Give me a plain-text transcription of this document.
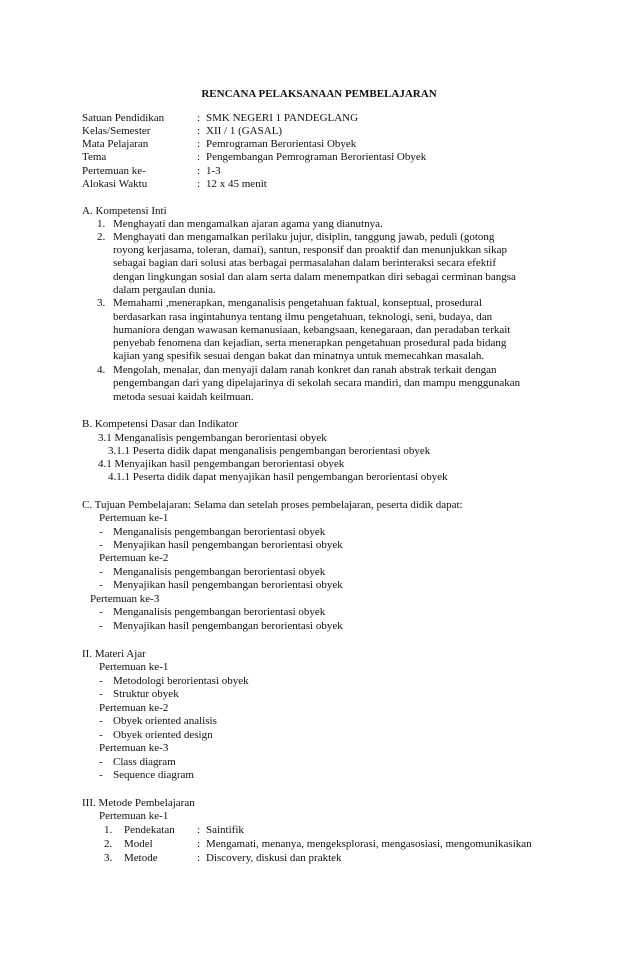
RENCANA PELAKSANAAN PEMBELAJARAN
Satuan Pendidikan	: SMK NEGERI 1 PANDEGLANG
Kelas/Semester	: XII / 1 (GASAL)
Mata Pelajaran	: Pemrograman Berorientasi Obyek
Tema	: Pengembangan Pemrograman Berorientasi Obyek
Pertemuan ke-	: 1-3
Alokasi Waktu	: 12 x 45 menit
A. Kompetensi Inti
1. Menghayati dan mengamalkan ajaran agama yang dianutnya.
2. Menghayati dan mengamalkan perilaku jujur, disiplin, tanggung jawab, peduli (gotong
royong kerjasama, toleran, damai), santun, responsif dan proaktif dan menunjukkan sikap
sebagai bagian dari solusi atas berbagai permasalahan dalam berinteraksi secara efektif
dengan lingkungan sosial dan alam serta dalam menempatkan diri sebagai cerminan bangsa
dalam pergaulan dunia.
3. Memahami ,menerapkan, menganalisis pengetahuan faktual, konseptual, prosedural
berdasarkan rasa ingintahunya tentang ilmu pengetahuan, teknologi, seni, budaya, dan
humaniora dengan wawasan kemanusiaan, kebangsaan, kenegaraan, dan peradaban terkait
penyebab fenomena dan kejadian, serta menerapkan pengetahuan prosedural pada bidang
kajian yang spesifik sesuai dengan bakat dan minatnya untuk memecahkan masalah.
4. Mengolah, menalar, dan menyaji dalam ranah konkret dan ranah abstrak terkait dengan
pengembangan dari yang dipelajarinya di sekolah secara mandiri, dan mampu menggunakan
metoda sesuai kaidah keilmuan.
B. Kompetensi Dasar dan Indikator
3.1 Menganalisis pengembangan berorientasi obyek
3.1.1 Peserta didik dapat menganalisis pengembangan berorientasi obyek
4.1 Menyajikan hasil pengembangan berorientasi obyek
4.1.1 Peserta didik dapat menyajikan hasil pengembangan berorientasi obyek
C. Tujuan Pembelajaran: Selama dan setelah proses pembelajaran, peserta didik dapat:
Pertemuan ke-1
- Menganalisis pengembangan berorientasi obyek
- Menyajikan hasil pengembangan berorientasi obyek
Pertemuan ke-2
- Menganalisis pengembangan berorientasi obyek
- Menyajikan hasil pengembangan berorientasi obyek
Pertemuan ke-3
- Menganalisis pengembangan berorientasi obyek
- Menyajikan hasil pengembangan berorientasi obyek
II. Materi Ajar
Pertemuan ke-1
- Metodologi berorientasi obyek
- Struktur obyek
Pertemuan ke-2
- Obyek oriented analisis
- Obyek oriented design
Pertemuan ke-3
- Class diagram
- Sequence diagram
III. Metode Pembelajaran
Pertemuan ke-1
1. Pendekatan : Saintifik
2. Model	: Mengamati, menanya, mengeksplorasi, mengasosiasi, mengomunikasikan
3. Metode	: Discovery, diskusi dan praktek
